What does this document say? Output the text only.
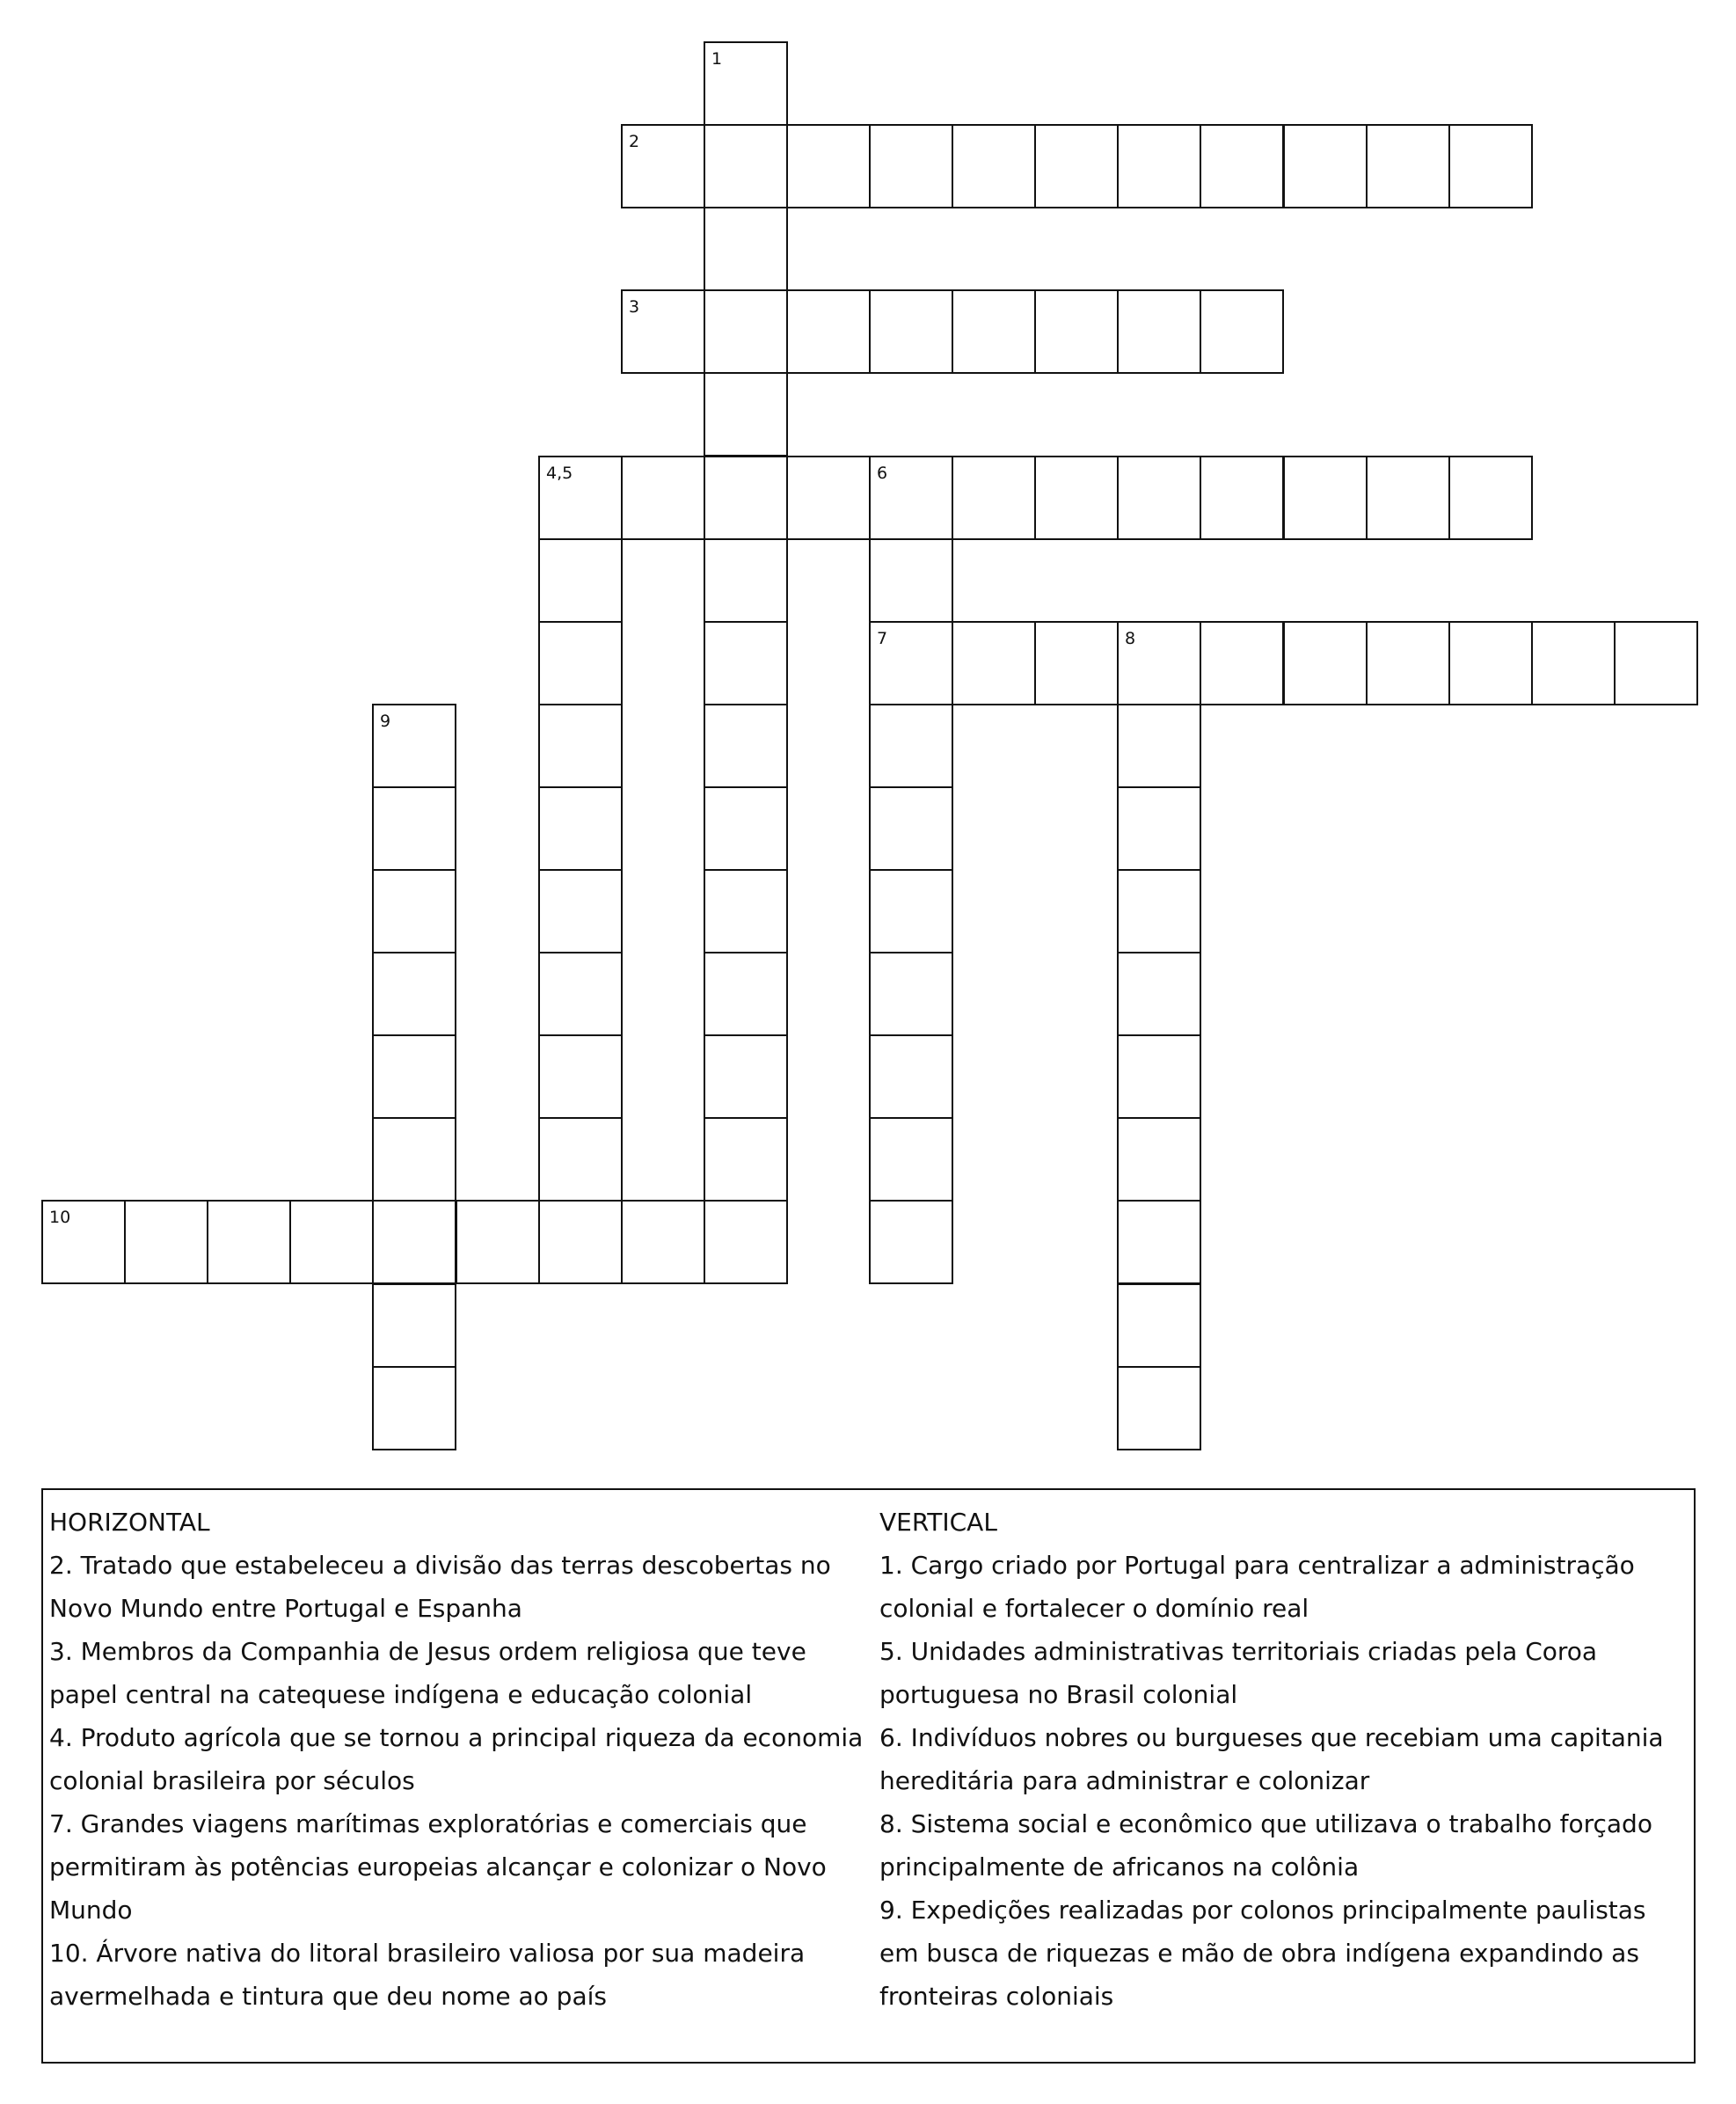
1
2
3
4,5	6
7	8
9
10
HORIZONTAL
2. Tratado que estabeleceu a divisão das terras descobertas no Novo Mundo entre Portugal e Espanha
3. Membros da Companhia de Jesus ordem religiosa que teve papel central na catequese indígena e educação colonial
4. Produto agrícola que se tornou a principal riqueza da economia colonial brasileira por séculos
7. Grandes viagens marítimas exploratórias e comerciais que permitiram às potências europeias alcançar e colonizar o Novo Mundo
10. Árvore nativa do litoral brasileiro valiosa por sua madeira avermelhada e tintura que deu nome ao país
VERTICAL
1. Cargo criado por Portugal para centralizar a administração colonial e fortalecer o domínio real
5. Unidades administrativas territoriais criadas pela Coroa portuguesa no Brasil colonial
6. Indivíduos nobres ou burgueses que recebiam uma capitania hereditária para administrar e colonizar
8. Sistema social e econômico que utilizava o trabalho forçado principalmente de africanos na colônia
9. Expedições realizadas por colonos principalmente paulistas em busca de riquezas e mão de obra indígena expandindo as fronteiras coloniais
